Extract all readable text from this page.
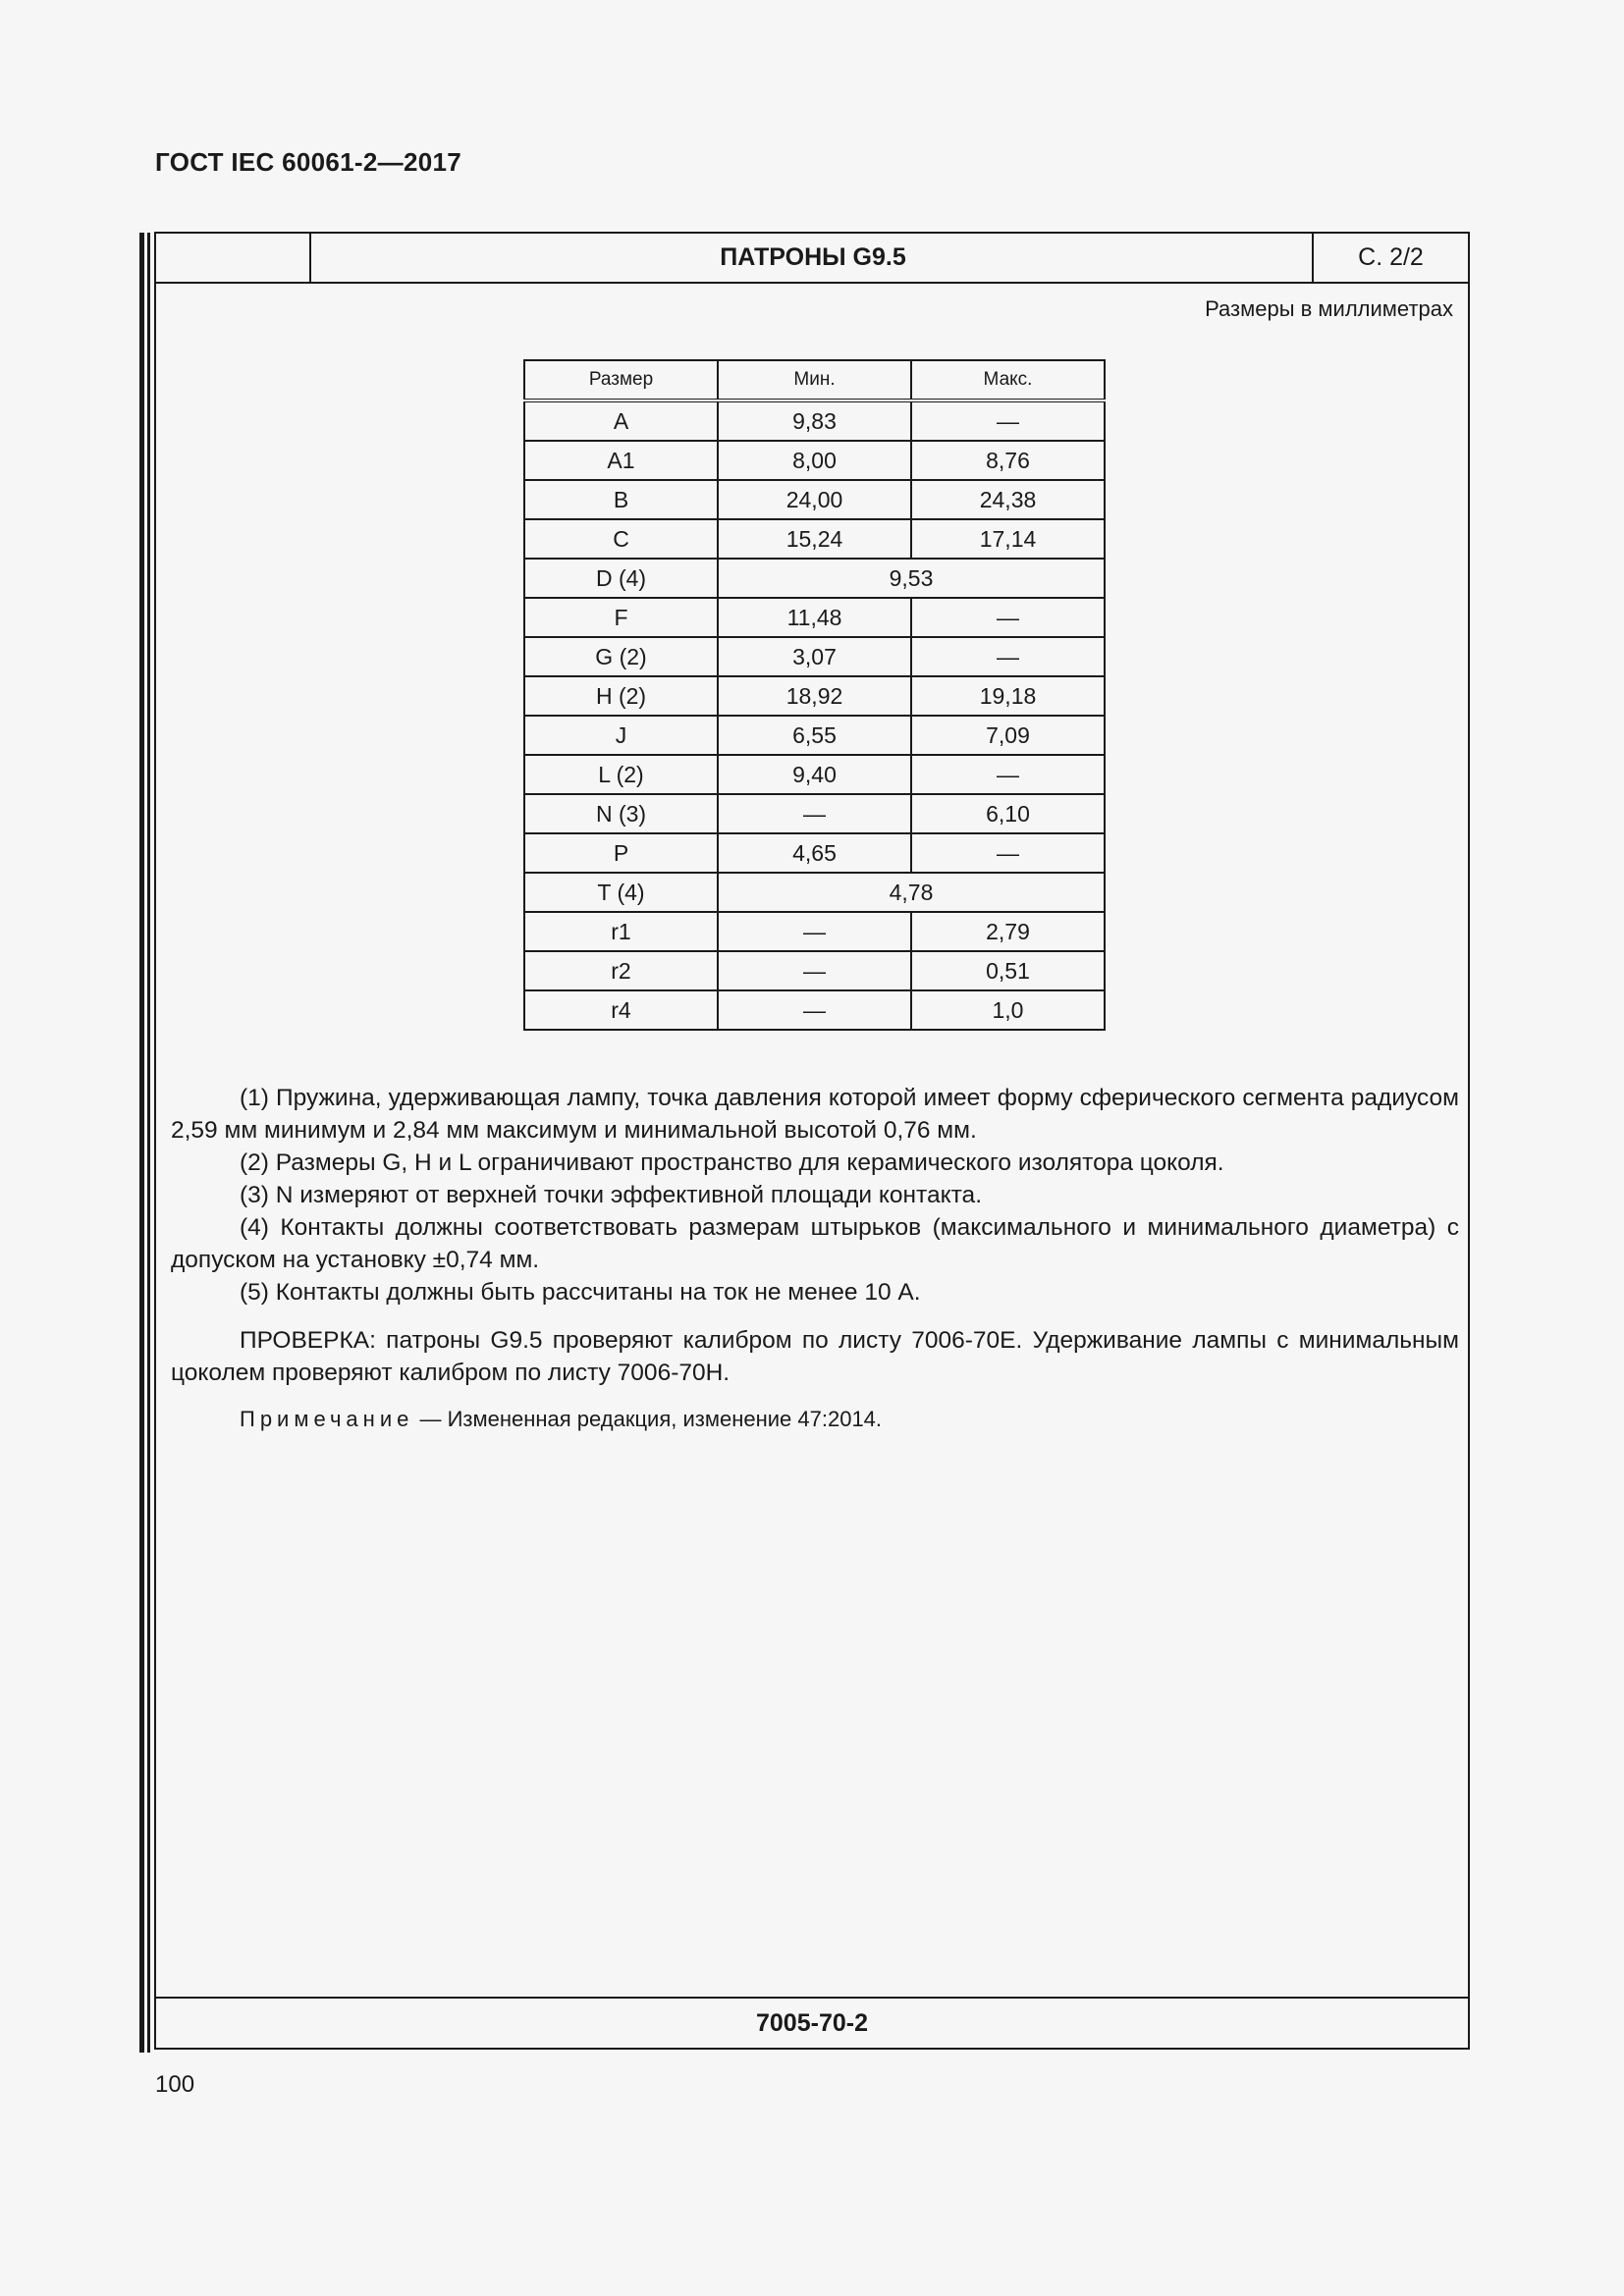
ГОСТ IEC 60061-2—2017
ПАТРОНЫ G9.5	С. 2/2
Размеры в миллиметрах
Размер	Мин.	Макс.
A	9,83	—
A1	8,00	8,76
B	24,00	24,38
C	15,24	17,14
D (4)	9,53	
F	11,48	—
G (2)	3,07	—
H (2)	18,92	19,18
J	6,55	7,09
L (2)	9,40	—
N (3)	—	6,10
P	4,65	—
T (4)	4,78	
r1	—	2,79
r2	—	0,51
r4	—	1,0

(1) Пружина, удерживающая лампу, точка давления которой имеет форму сферического сегмента радиусом 2,59 мм минимум и 2,84 мм максимум и минимальной высотой 0,76 мм.

(2) Размеры G, H и L ограничивают пространство для керамического изолятора цоколя.

(3) N измеряют от верхней точки эффективной площади контакта.

(4) Контакты должны соответствовать размерам штырьков (максимального и минимального диаметра) с допуском на установку ±0,74 мм.

(5) Контакты должны быть рассчитаны на ток не менее 10 А.

ПРОВЕРКА: патроны G9.5 проверяют калибром по листу 7006-70E. Удерживание лампы с минимальным цоколем проверяют калибром по листу 7006-70H.

Примечание — Измененная редакция, изменение 47:2014.
7005-70-2
100
